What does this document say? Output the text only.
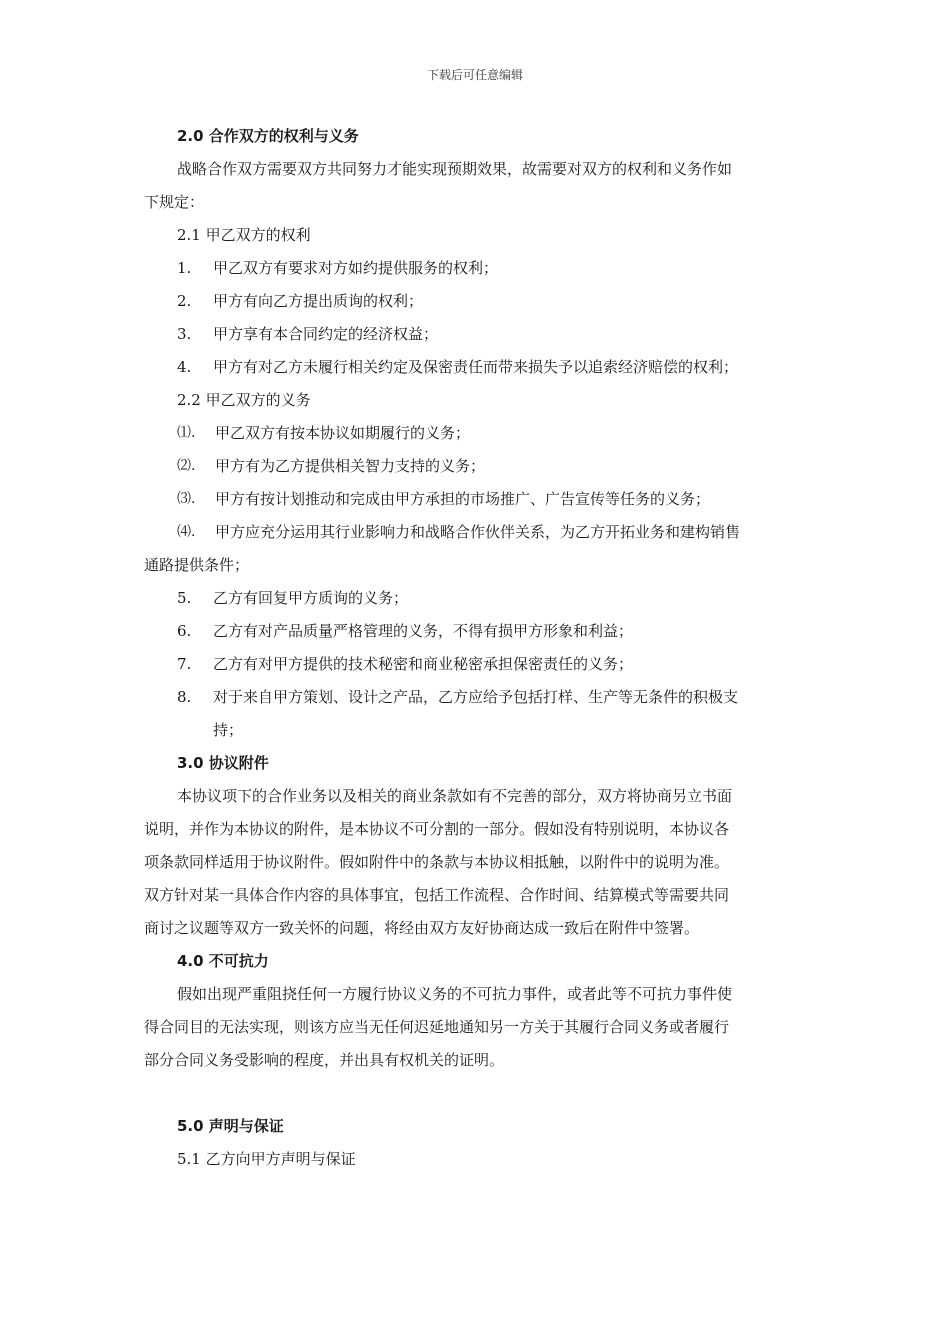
下载后可任意编辑
2.0 合作双方的权利与义务
战略合作双方需要双方共同努力才能实现预期效果，故需要对双方的权利和义务作如
下规定：
2.1 甲乙双方的权利
1.	甲乙双方有要求对方如约提供服务的权利；
2.	甲方有向乙方提出质询的权利；
3.	甲方享有本合同约定的经济权益；
4.	甲方有对乙方未履行相关约定及保密责任而带来损失予以追索经济赔偿的权利；
2.2 甲乙双方的义务
⑴.	甲乙双方有按本协议如期履行的义务；
⑵.	甲方有为乙方提供相关智力支持的义务；
⑶.	甲方有按计划推动和完成由甲方承担的市场推广、广告宣传等任务的义务；
⑷.	甲方应充分运用其行业影响力和战略合作伙伴关系，为乙方开拓业务和建构销售
通路提供条件；
5.	乙方有回复甲方质询的义务；
6.	乙方有对产品质量严格管理的义务，不得有损甲方形象和利益；
7.	乙方有对甲方提供的技术秘密和商业秘密承担保密责任的义务；
8.	对于来自甲方策划、设计之产品，乙方应给予包括打样、生产等无条件的积极支
持；
3.0 协议附件
本协议项下的合作业务以及相关的商业条款如有不完善的部分，双方将协商另立书面
说明，并作为本协议的附件，是本协议不可分割的一部分。假如没有特别说明，本协议各
项条款同样适用于协议附件。假如附件中的条款与本协议相抵触，以附件中的说明为准。
双方针对某一具体合作内容的具体事宜，包括工作流程、合作时间、结算模式等需要共同
商讨之议题等双方一致关怀的问题，将经由双方友好协商达成一致后在附件中签署。
4.0 不可抗力
假如出现严重阻挠任何一方履行协议义务的不可抗力事件，或者此等不可抗力事件使
得合同目的无法实现，则该方应当无任何迟延地通知另一方关于其履行合同义务或者履行
部分合同义务受影响的程度，并出具有权机关的证明。
5.0 声明与保证
5.1 乙方向甲方声明与保证
